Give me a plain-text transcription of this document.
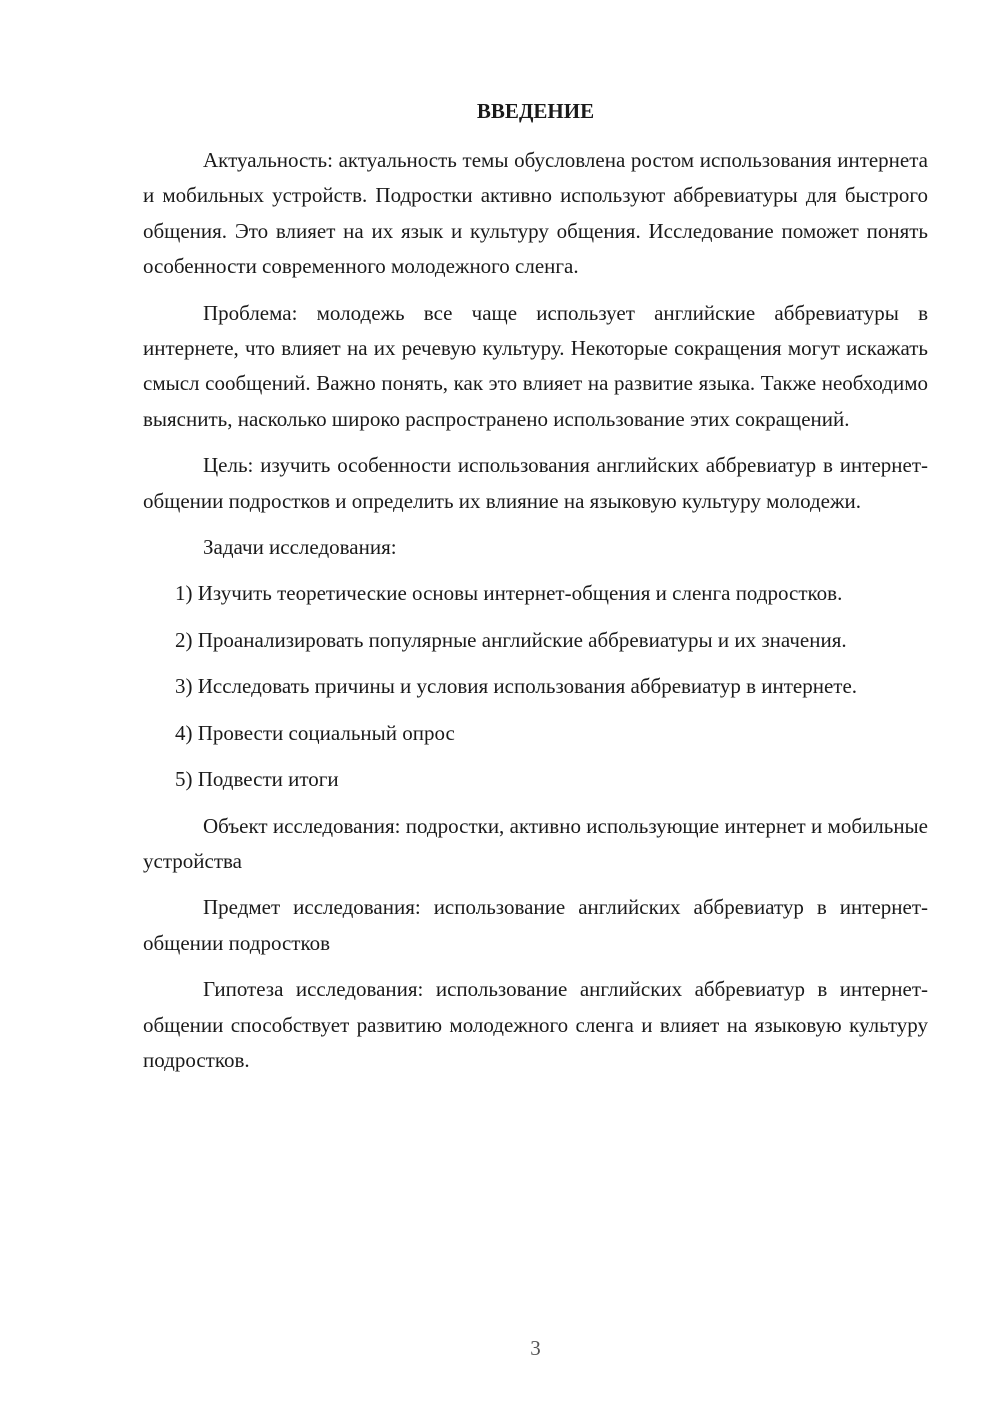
ВВЕДЕНИЕ

Актуальность: актуальность темы обусловлена ростом использования интернета и мобильных устройств. Подростки активно используют аббревиатуры для быстрого общения. Это влияет на их язык и культуру общения. Исследование поможет понять особенности современного молодежного сленга.

Проблема: молодежь все чаще использует английские аббревиатуры в интернете, что влияет на их речевую культуру. Некоторые сокращения могут искажать смысл сообщений. Важно понять, как это влияет на развитие языка. Также необходимо выяснить, насколько широко распространено использование этих сокращений.

Цель: изучить особенности использования английских аббревиатур в интернет-общении подростков и определить их влияние на языковую культуру молодежи.

Задачи исследования:

1) Изучить теоретические основы интернет-общения и сленга подростков.

2) Проанализировать популярные английские аббревиатуры и их значения.

3) Исследовать причины и условия использования аббревиатур в интернете.

4) Провести социальный опрос

5) Подвести итоги

Объект исследования: подростки, активно использующие интернет и мобильные устройства

Предмет исследования: использование английских аббревиатур в интернет-общении подростков

Гипотеза исследования: использование английских аббревиатур в интернет-общении способствует развитию молодежного сленга и влияет на языковую культуру подростков.

3
